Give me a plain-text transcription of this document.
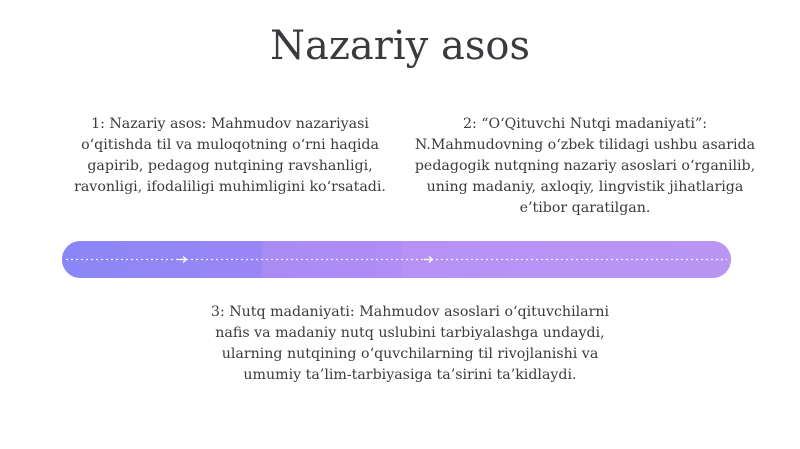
Nazariy asos
1: Nazariy asos: Mahmudov nazariyasi o‘qitishda til va muloqotning o‘rni haqida gapirib, pedagog nutqining ravshanligi, ravonligi, ifodaliligi muhimligini ko‘rsatadi.
2: “O‘Qituvchi Nutqi madaniyati”: N.Mahmudovning o‘zbek tilidagi ushbu asarida pedagogik nutqning nazariy asoslari o‘rganilib, uning madaniy, axloqiy, lingvistik jihatlariga e’tibor qaratilgan.
3: Nutq madaniyati: Mahmudov asoslari o‘qituvchilarni nafis va madaniy nutq uslubini tarbiyalashga undaydi, ularning nutqining o‘quvchilarning til rivojlanishi va umumiy ta’lim-tarbiyasiga ta’sirini ta’kidlaydi.
